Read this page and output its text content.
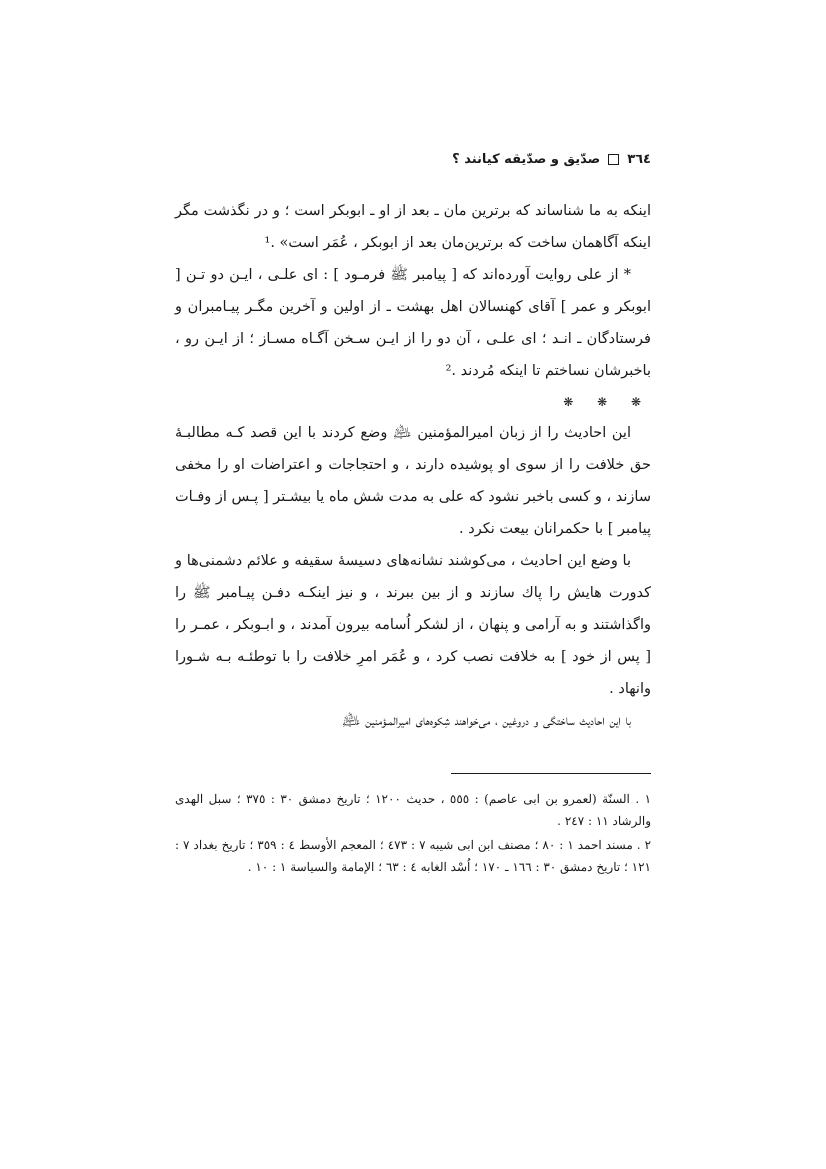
٣٦٤
صدّيق و صدّيقه كيانند ؟

اينكه به ما شناساند كه برترين مان ـ بعد از او ـ ابوبكر است ؛ و در نگذشت مگر اينكه آگاهمان ساخت كه برترين‌مان بعد از ابوبكر ، عُمَر است» .¹

* از على روايت آورده‌اند كه [ پيامبر ﷺ فرمـود ] : اى علـى ، ايـن دو تـن [ ابوبكر و عمر ] آقاى كهنسالان اهل بهشت ـ از اولين و آخرين مگـر پيـامبران و فرستادگان ـ انـد ؛ اى علـى ، آن دو را از ايـن سـخن آگـاه مسـاز ؛ از ايـن رو ، باخبرشان نساختم تا اينكه مُردند .²

❋ ❋ ❋

اين احاديث را از زبان اميرالمؤمنين ﵇ وضع كردند با اين قصد كـه مطالبـهٔ حق خلافت را از سوى او پوشيده دارند ، و احتجاجات و اعتراضات او را مخفى سازند ، و كسى باخبر نشود كه على به مدت شش ماه يا بيشـتر [ پـس از وفـات پيامبر ] با حكمرانان بيعت نكرد .

با وضع اين احاديث ، مى‌كوشند نشانه‌هاى دسيسهٔ سقيفه و علائم دشمنى‌ها و كدورت هايش را پاك سازند و از بين ببرند ، و نيز اينكـه دفـن پيـامبر ﷺ را واگذاشتند و به آرامى و پنهان ، از لشكر اُسامه بيرون آمدند ، و ابـوبكر ، عمـر را [ پس از خود ] به خلافت نصب كرد ، و عُمَر امرِ خلافت را با توطئـه بـه شـورا وانهاد .

با اين احاديث ساختگى و دروغين ، مى‌خواهند شِكوه‌هاى اميرالمـؤمنين ﵇

١ . السنّة (لعمرو بن ابى عاصم) : ٥٥٥ ، حديث ١٢٠٠ ؛ تاريخ دمشق ٣٠ : ٣٧٥ ؛ سبل الهدى والرشاد ١١ : ٢٤٧ .

٢ . مسند احمد ١ : ٨٠ ؛ مصنف ابن ابى شيبه ٧ : ٤٧٣ ؛ المعجم الأوسط ٤ : ٣٥٩ ؛ تاريخ بغداد ٧ : ١٢١ ؛ تاريخ دمشق ٣٠ : ١٦٦ ـ ١٧٠ ؛ اُسْد الغابه ٤ : ٦٣ ؛ الإمامة والسياسة ١ : ١٠ .
